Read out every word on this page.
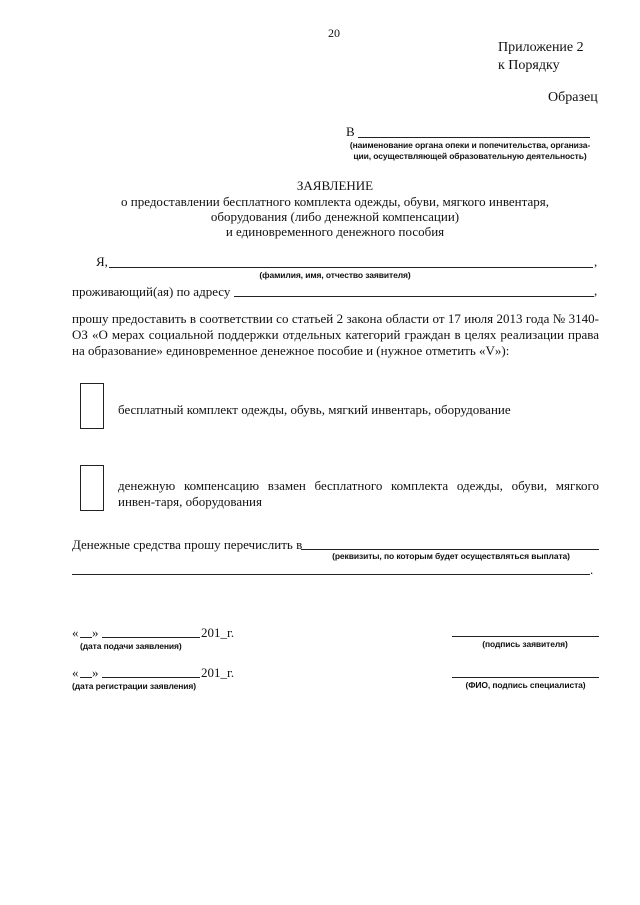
20
Приложение 2
к Порядку
Образец
В
(наименование органа опеки и попечительства, организа-
ции, осуществляющей образовательную деятельность)
ЗАЯВЛЕНИЕ
о предоставлении бесплатного комплекта одежды, обуви, мягкого инвентаря,
оборудования (либо денежной компенсации)
и единовременного денежного пособия
Я,	,
(фамилия, имя, отчество заявителя)
проживающий(ая) по адресу	,
прошу предоставить в соответствии со статьей 2 закона области от 17 июля 2013 года № 3140-ОЗ «О мерах социальной поддержки отдельных категорий граждан в целях реализации права на образование» единовременное денежное пособие и (нужное отметить «V»):
бесплатный комплект одежды, обувь, мягкий инвентарь, оборудование
денежную компенсацию взамен бесплатного комплекта одежды, обуви, мягкого инвен-таря, оборудования
Денежные средства прошу перечислить в
(реквизиты, по которым будет осуществляться выплата)
.
« »	201_г.
(дата подачи заявления)	(подпись заявителя)
« »	201_г.
(дата регистрации заявления)	(ФИО, подпись специалиста)
